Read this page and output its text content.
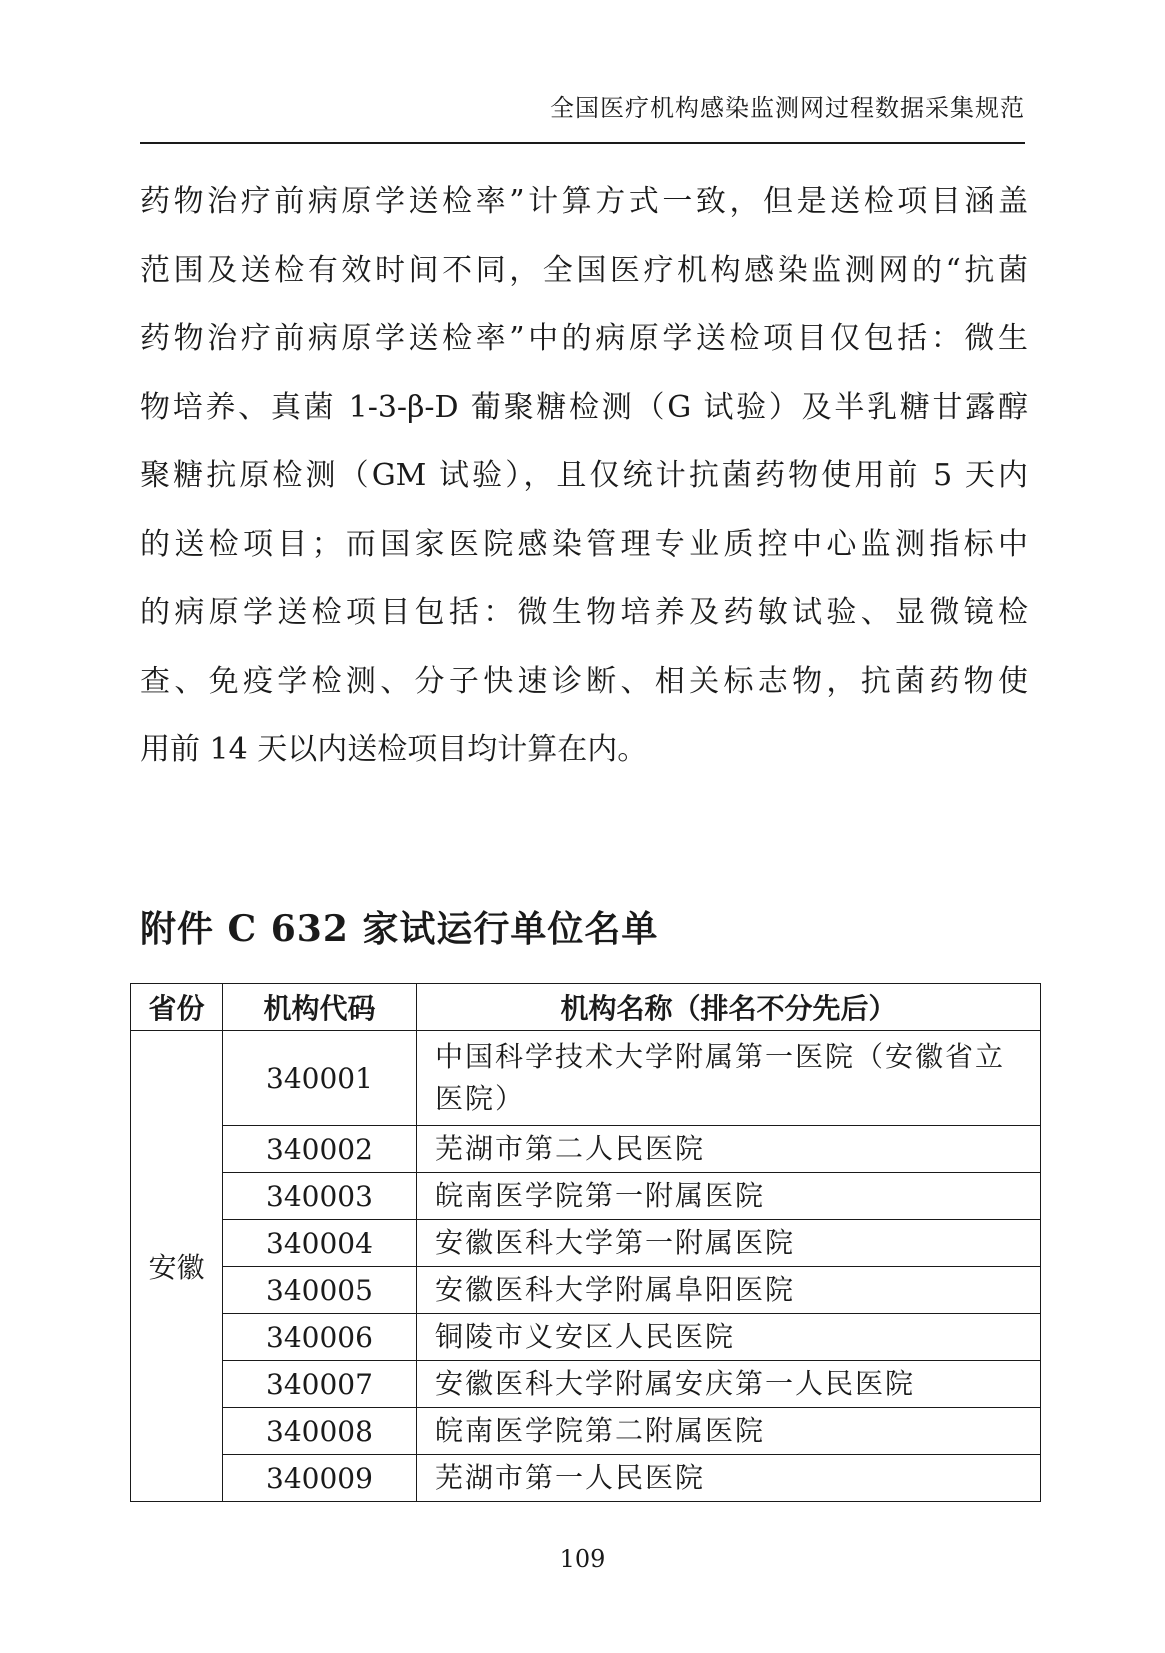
全国医疗机构感染监测网过程数据采集规范
药物治疗前病原学送检率”计算方式一致，但是送检项目涵盖
范围及送检有效时间不同，全国医疗机构感染监测网的“抗菌
药物治疗前病原学送检率”中的病原学送检项目仅包括：微生
物培养、真菌 1-3-β-D 葡聚糖检测（G 试验）及半乳糖甘露醇
聚糖抗原检测（GM 试验），且仅统计抗菌药物使用前 5 天内
的送检项目；而国家医院感染管理专业质控中心监测指标中
的病原学送检项目包括：微生物培养及药敏试验、显微镜检
查、免疫学检测、分子快速诊断、相关标志物，抗菌药物使
用前 14 天以内送检项目均计算在内。
附件 C 632 家试运行单位名单
省份	机构代码	机构名称（排名不分先后）
安徽	340001	中国科学技术大学附属第一医院（安徽省立医院）
	340002	芜湖市第二人民医院
	340003	皖南医学院第一附属医院
	340004	安徽医科大学第一附属医院
	340005	安徽医科大学附属阜阳医院
	340006	铜陵市义安区人民医院
	340007	安徽医科大学附属安庆第一人民医院
	340008	皖南医学院第二附属医院
	340009	芜湖市第一人民医院
109
